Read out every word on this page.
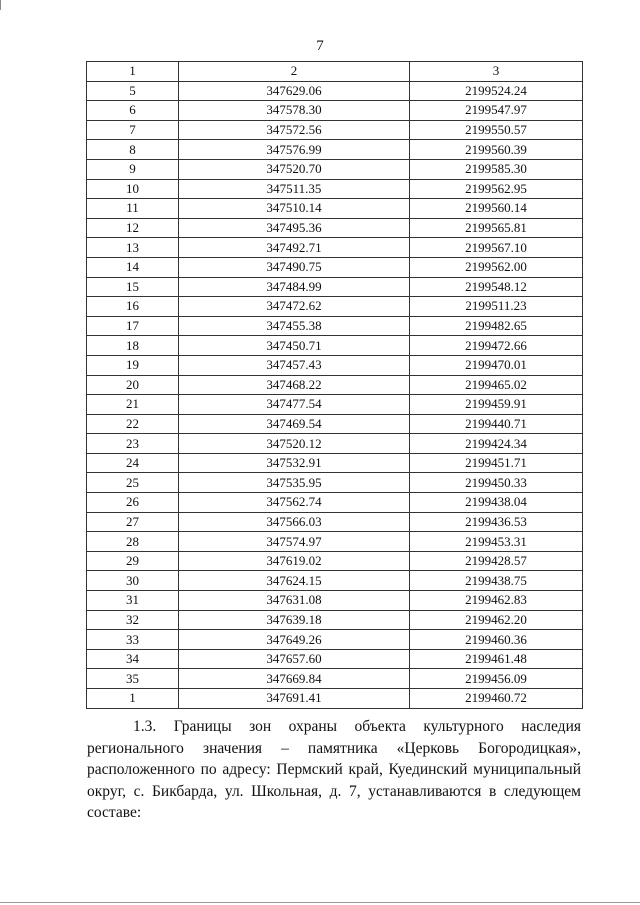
7
1	2	3
5	347629.06	2199524.24
6	347578.30	2199547.97
7	347572.56	2199550.57
8	347576.99	2199560.39
9	347520.70	2199585.30
10	347511.35	2199562.95
11	347510.14	2199560.14
12	347495.36	2199565.81
13	347492.71	2199567.10
14	347490.75	2199562.00
15	347484.99	2199548.12
16	347472.62	2199511.23
17	347455.38	2199482.65
18	347450.71	2199472.66
19	347457.43	2199470.01
20	347468.22	2199465.02
21	347477.54	2199459.91
22	347469.54	2199440.71
23	347520.12	2199424.34
24	347532.91	2199451.71
25	347535.95	2199450.33
26	347562.74	2199438.04
27	347566.03	2199436.53
28	347574.97	2199453.31
29	347619.02	2199428.57
30	347624.15	2199438.75
31	347631.08	2199462.83
32	347639.18	2199462.20
33	347649.26	2199460.36
34	347657.60	2199461.48
35	347669.84	2199456.09
1	347691.41	2199460.72
1.3. Границы зон охраны объекта культурного наследия регионального значения – памятника «Церковь Богородицкая», расположенного по адресу: Пермский край, Куединский муниципальный округ, с. Бикбарда, ул. Школьная, д. 7, устанавливаются в следующем составе:
